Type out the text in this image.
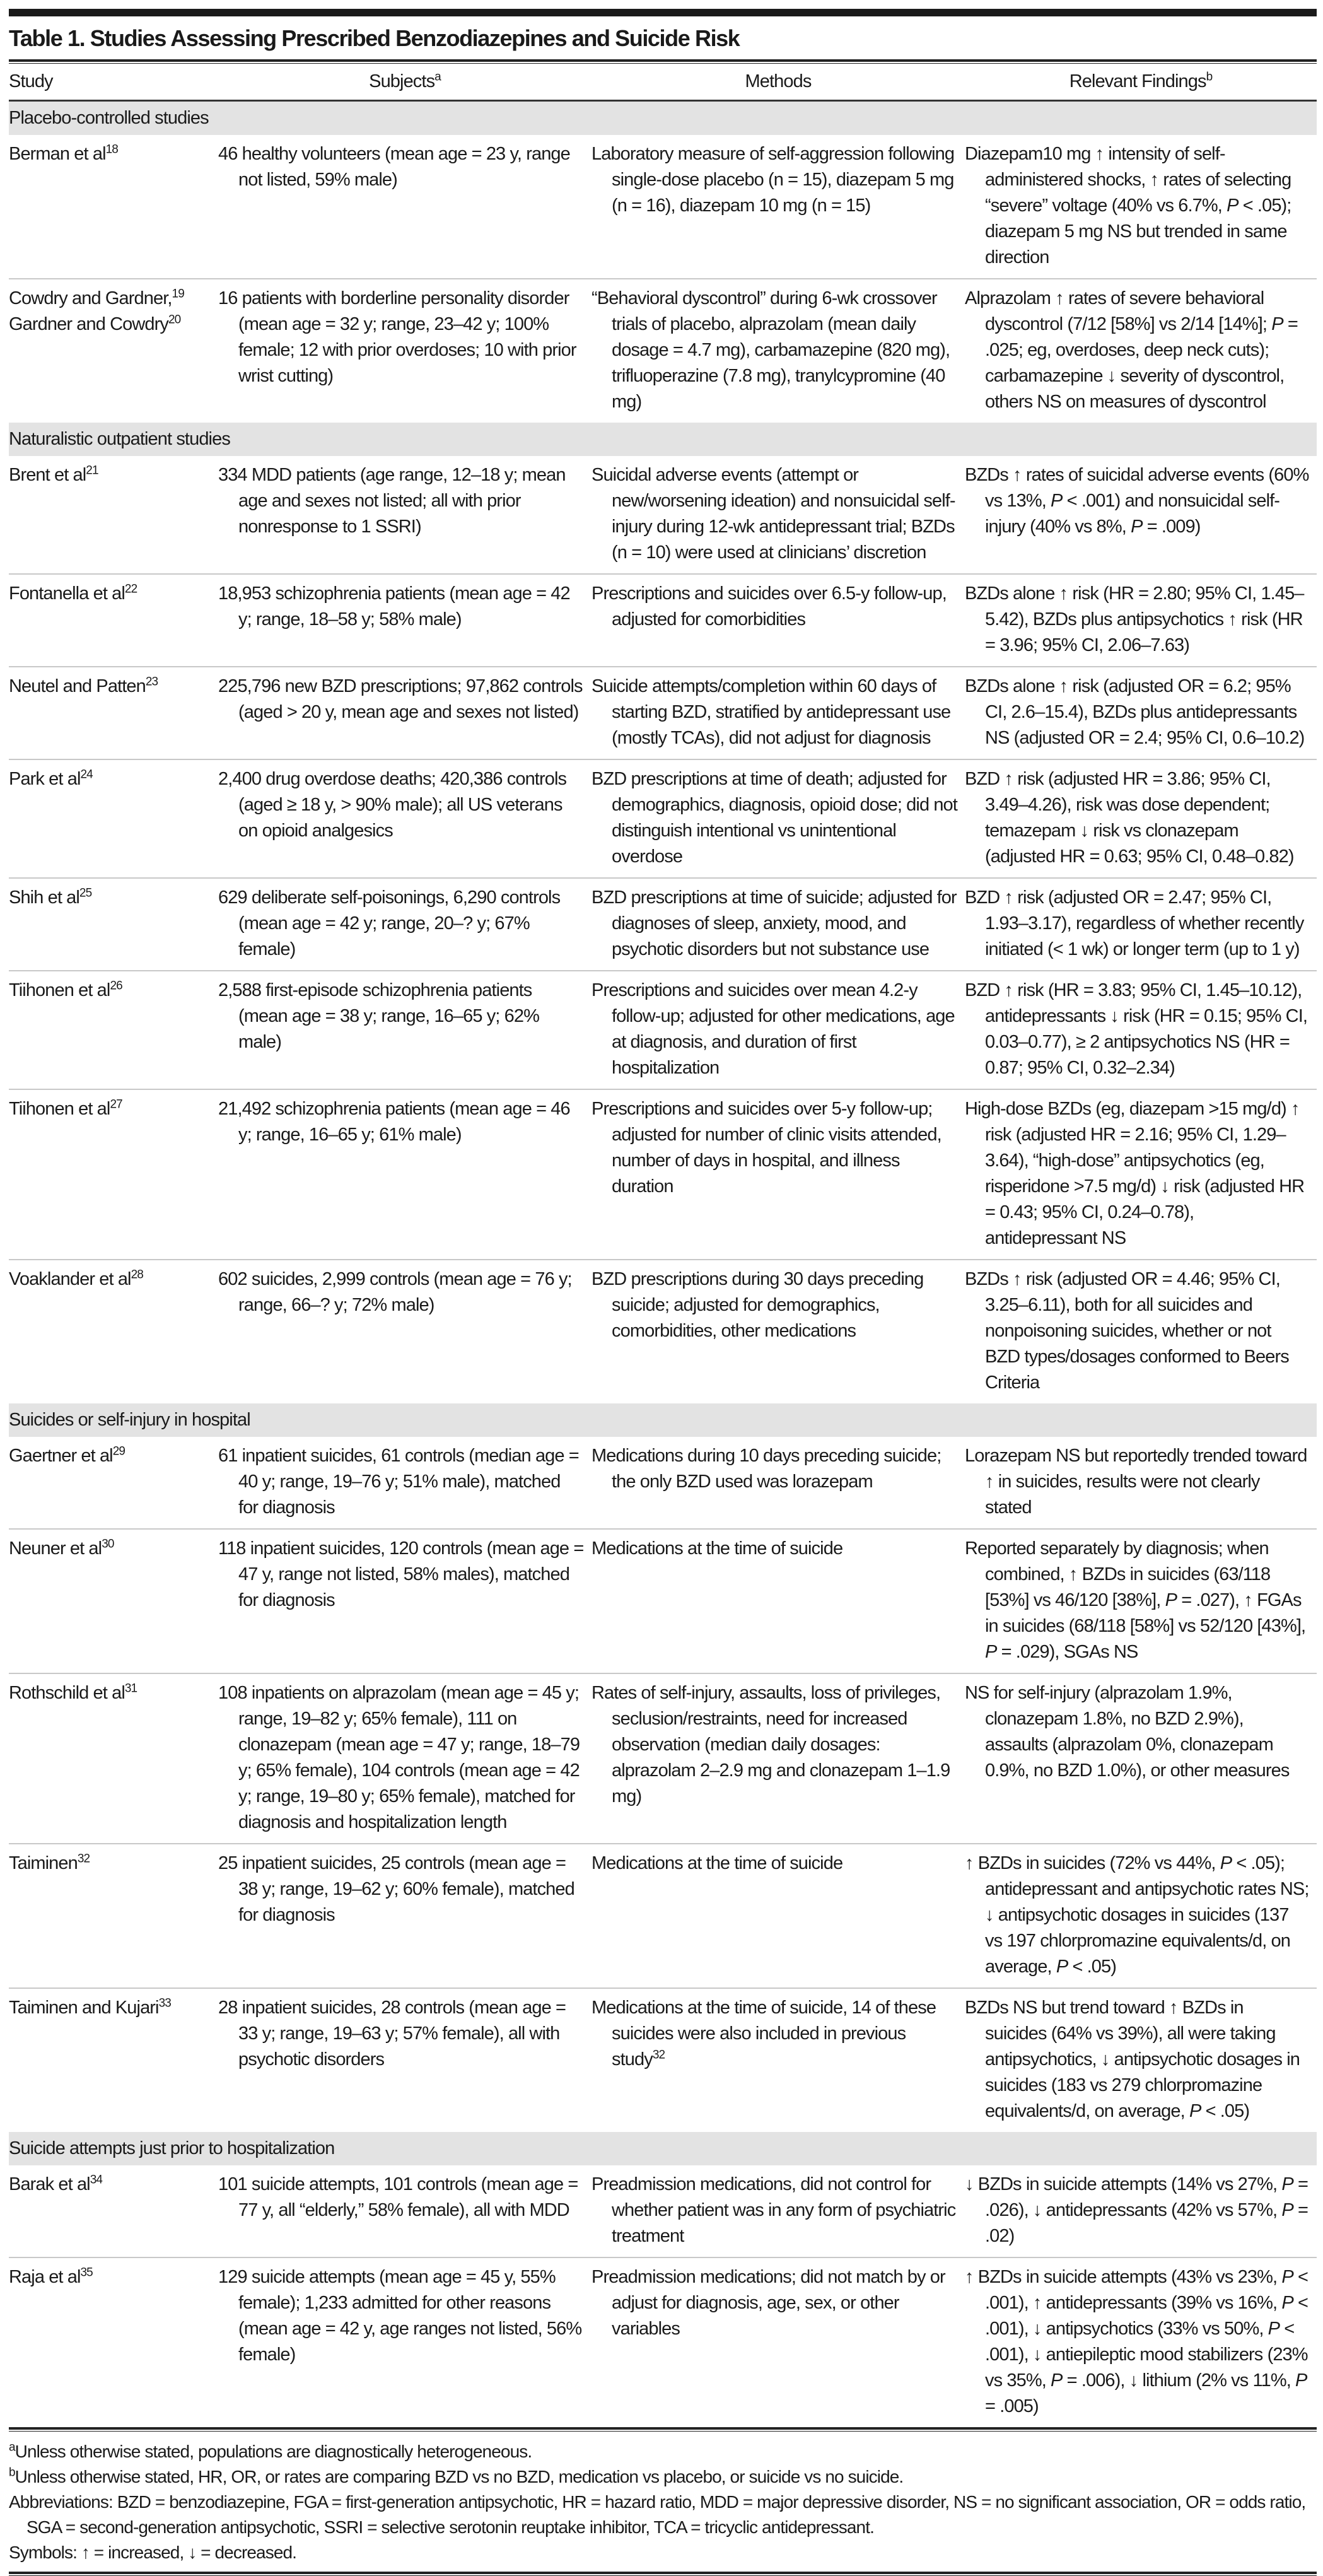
Table 1. Studies Assessing Prescribed Benzodiazepines and Suicide Risk
Study	Subjects$^a$	Methods	Relevant Findings$^b$
Placebo-controlled studies			

Berman et $al^{18}$	46 healthy volunteers (mean age = 23 y, range not listed, 59% male)	Laboratory measure of self-aggression following single-dose placebo (n = 15), diazepam 5 mg (n = 16), diazepam 10 mg (n = 15)	Diazepam10 mg ↑ intensity of self-administered shocks, ↑ rates of selecting “severe” voltage (40% vs 6.7%, P < .05); diazepam 5 mg NS but trended in same direction

Cowdry and Gardner,$^{19}$
Gardner and Cowdry$^{20}$	16 patients with borderline personality disorder (mean age = 32 y; range, 23–42 y; 100% female; 12 with prior overdoses; 10 with prior wrist cutting)	“Behavioral dyscontrol” during 6-wk crossover trials of placebo, alprazolam (mean daily dosage = 4.7 mg), carbamazepine (820 mg), trifluoperazine (7.8 mg), tranylcypromine (40 mg)	Alprazolam ↑ rates of severe behavioral dyscontrol (7/12 [58%] vs 2/14 [14%]; P = .025; eg, overdoses, deep neck cuts); carbamazepine ↓ severity of dyscontrol, others NS on measures of dyscontrol

Naturalistic outpatient studies			

Brent et $al^{21}$	334 MDD patients (age range, 12–18 y; mean age and sexes not listed; all with prior nonresponse to 1 SSRI)	Suicidal adverse events (attempt or new/worsening ideation) and nonsuicidal self-injury during 12-wk antidepressant trial; BZDs (n = 10) were used at clinicians’ discretion	BZDs ↑ rates of suicidal adverse events (60% vs 13%, P < .001) and nonsuicidal self-injury (40% vs 8%, P = .009)

Fontanella et $al^{22}$	18,953 schizophrenia patients (mean age = 42 y; range, 18–58 y; 58% male)	Prescriptions and suicides over 6.5-y follow-up, adjusted for comorbidities	BZDs alone ↑ risk (HR = 2.80; 95% CI, 1.45–5.42), BZDs plus antipsychotics ↑ risk (HR = 3.96; 95% CI, 2.06–7.63)

Neutel and Patten$^{23}$	225,796 new BZD prescriptions; 97,862 controls (aged > 20 y, mean age and sexes not listed)	Suicide attempts/completion within 60 days of starting BZD, stratified by antidepressant use (mostly TCAs), did not adjust for diagnosis	BZDs alone ↑ risk (adjusted OR = 6.2; 95% CI, 2.6–15.4), BZDs plus antidepressants NS (adjusted OR = 2.4; 95% CI, 0.6–10.2)

Park et $al^{24}$	2,400 drug overdose deaths; 420,386 controls (aged ≥ 18 y, > 90% male); all US veterans on opioid analgesics	BZD prescriptions at time of death; adjusted for demographics, diagnosis, opioid dose; did not distinguish intentional vs unintentional overdose	BZD ↑ risk (adjusted HR = 3.86; 95% CI, 3.49–4.26), risk was dose dependent; temazepam ↓ risk vs clonazepam (adjusted HR = 0.63; 95% CI, 0.48–0.82)

Shih et $al^{25}$	629 deliberate self-poisonings, 6,290 controls (mean age = 42 y; range, 20–? y; 67% female)	BZD prescriptions at time of suicide; adjusted for diagnoses of sleep, anxiety, mood, and psychotic disorders but not substance use	BZD ↑ risk (adjusted OR = 2.47; 95% CI, 1.93–3.17), regardless of whether recently initiated (< 1 wk) or longer term (up to 1 y)

Tiihonen et $al^{26}$	2,588 first-episode schizophrenia patients (mean age = 38 y; range, 16–65 y; 62% male)	Prescriptions and suicides over mean 4.2-y follow-up; adjusted for other medications, age at diagnosis, and duration of first hospitalization	BZD ↑ risk (HR = 3.83; 95% CI, 1.45–10.12), antidepressants ↓ risk (HR = 0.15; 95% CI, 0.03–0.77), ≥ 2 antipsychotics NS (HR = 0.87; 95% CI, 0.32–2.34)

Tiihonen et $al^{27}$	21,492 schizophrenia patients (mean age = 46 y; range, 16–65 y; 61% male)	Prescriptions and suicides over 5-y follow-up; adjusted for number of clinic visits attended, number of days in hospital, and illness duration	High-dose BZDs (eg, diazepam >15 mg/d) ↑ risk (adjusted HR = 2.16; 95% CI, 1.29–3.64), “high-dose” antipsychotics (eg, risperidone >7.5 mg/d) ↓ risk (adjusted HR = 0.43; 95% CI, 0.24–0.78), antidepressant NS

Voaklander et $al^{28}$	602 suicides, 2,999 controls (mean age = 76 y; range, 66–? y; 72% male)	BZD prescriptions during 30 days preceding suicide; adjusted for demographics, comorbidities, other medications	BZDs ↑ risk (adjusted OR = 4.46; 95% CI, 3.25–6.11), both for all suicides and nonpoisoning suicides, whether or not BZD types/dosages conformed to Beers Criteria

Suicides or self-injury in hospital			

Gaertner et $al^{29}$	61 inpatient suicides, 61 controls (median age = 40 y; range, 19–76 y; 51% male), matched for diagnosis	Medications during 10 days preceding suicide; the only BZD used was lorazepam	Lorazepam NS but reportedly trended toward ↑ in suicides, results were not clearly stated

Neuner et $al^{30}$	118 inpatient suicides, 120 controls (mean age = 47 y, range not listed, 58% males), matched for diagnosis	Medications at the time of suicide	Reported separately by diagnosis; when combined, ↑ BZDs in suicides (63/118 [53%] vs 46/120 [38%], P = .027), ↑ FGAs in suicides (68/118 [58%] vs 52/120 [43%], P = .029), SGAs NS

Rothschild et $al^{31}$	108 inpatients on alprazolam (mean age = 45 y; range, 19–82 y; 65% female), 111 on clonazepam (mean age = 47 y; range, 18–79 y; 65% female), 104 controls (mean age = 42 y; range, 19–80 y; 65% female), matched for diagnosis and hospitalization length	Rates of self-injury, assaults, loss of privileges, seclusion/restraints, need for increased observation (median daily dosages: alprazolam 2–2.9 mg and clonazepam 1–1.9 mg)	NS for self-injury (alprazolam 1.9%, clonazepam 1.8%, no BZD 2.9%), assaults (alprazolam 0%, clonazepam 0.9%, no BZD 1.0%), or other measures

Taiminen$^{32}$	25 inpatient suicides, 25 controls (mean age = 38 y; range, 19–62 y; 60% female), matched for diagnosis	Medications at the time of suicide	↑ BZDs in suicides (72% vs 44%, P < .05); antidepressant and antipsychotic rates NS; ↓ antipsychotic dosages in suicides (137 vs 197 chlorpromazine equivalents/d, on average, P < .05)

Taiminen and Kujari$^{33}$	28 inpatient suicides, 28 controls (mean age = 33 y; range, 19–63 y; 57% female), all with psychotic disorders	Medications at the time of suicide, 14 of these suicides were also included in previous study$^{32}$	BZDs NS but trend toward ↑ BZDs in suicides (64% vs 39%), all were taking antipsychotics, ↓ antipsychotic dosages in suicides (183 vs 279 chlorpromazine equivalents/d, on average, P < .05)

Suicide attempts just prior to hospitalization			

Barak et $al^{34}$	101 suicide attempts, 101 controls (mean age = 77 y, all “elderly,” 58% female), all with MDD	Preadmission medications, did not control for whether patient was in any form of psychiatric treatment	↓ BZDs in suicide attempts (14% vs 27%, P = .026), ↓ antidepressants (42% vs 57%, P = .02)

Raja et $al^{35}$	129 suicide attempts (mean age = 45 y, 55% female); 1,233 admitted for other reasons (mean age = 42 y, age ranges not listed, 56% female)	Preadmission medications; did not match by or adjust for diagnosis, age, sex, or other variables	↑ BZDs in suicide attempts (43% vs 23%, P < .001), ↑ antidepressants (39% vs 16%, P < .001), ↓ antipsychotics (33% vs 50%, P < .001), ↓ antiepileptic mood stabilizers (23% vs 35%, P = .006), ↓ lithium (2% vs 11%, P = .005)
$^a$Unless otherwise stated, populations are diagnostically heterogeneous.
$^b$Unless otherwise stated, HR, OR, or rates are comparing BZD vs no BZD, medication vs placebo, or suicide vs no suicide.
Abbreviations: BZD = benzodiazepine, FGA = first-generation antipsychotic, HR = hazard ratio, MDD = major depressive disorder, NS = no significant association, OR = odds ratio, SGA = second-generation antipsychotic, SSRI = selective serotonin reuptake inhibitor, TCA = tricyclic antidepressant.
Symbols: ↑ = increased, ↓ = decreased.
